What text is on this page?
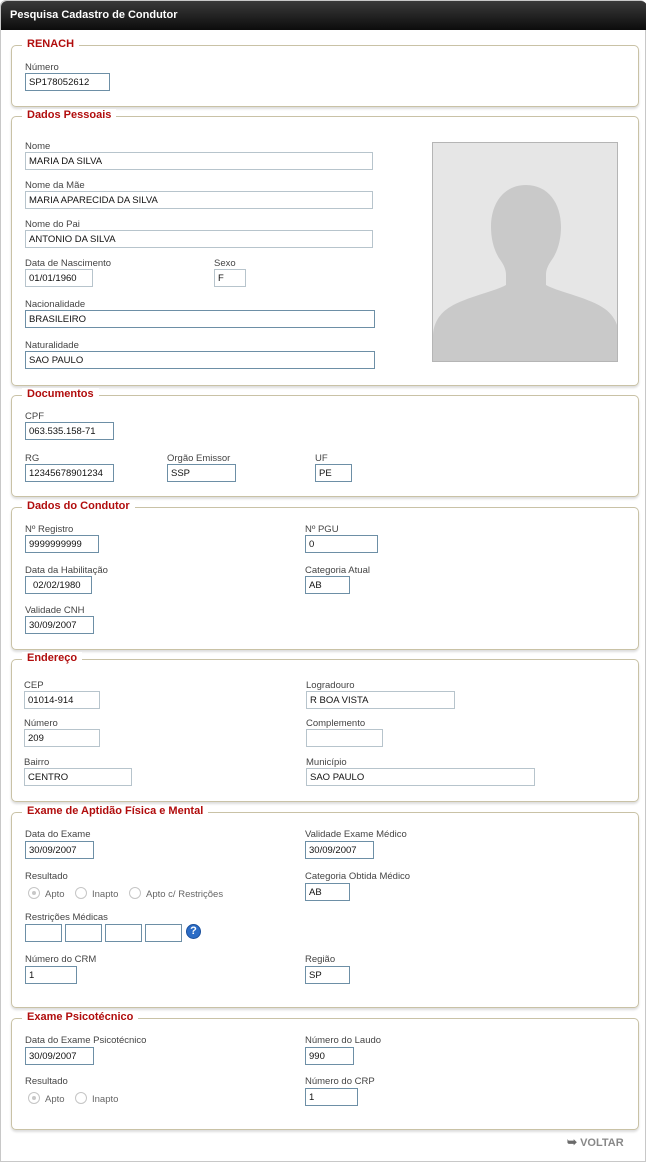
Pesquisa Cadastro de Condutor
RENACH
Número
SP178052612
Dados Pessoais
Nome
MARIA DA SILVA
Nome da Mãe
MARIA APARECIDA DA SILVA
Nome do Pai
ANTONIO DA SILVA
Data de Nascimento
01/01/1960
Sexo
F
Nacionalidade
BRASILEIRO
Naturalidade
SAO PAULO
Documentos
CPF
063.535.158-71
RG
12345678901234
Orgão Emissor
SSP
UF
PE
Dados do Condutor
Nº Registro
9999999999
Nº PGU
0
Data da Habilitação
02/02/1980
Categoria Atual
AB
Validade CNH
30/09/2007
Endereço
CEP
01014-914
Logradouro
R BOA VISTA
Número
209
Complemento
Bairro
CENTRO
Município
SAO PAULO
Exame de Aptidão Física e Mental
Data do Exame
30/09/2007
Validade Exame Médico
30/09/2007
Resultado
Apto	Inapto	Apto c/ Restrições
Categoria Obtida Médico
AB
Restrições Médicas
?
Número do CRM
1
Região
SP
Exame Psicotécnico
Data do Exame Psicotécnico
30/09/2007
Número do Laudo
990
Resultado
Apto	Inapto
Número do CRP
1
➥ VOLTAR
